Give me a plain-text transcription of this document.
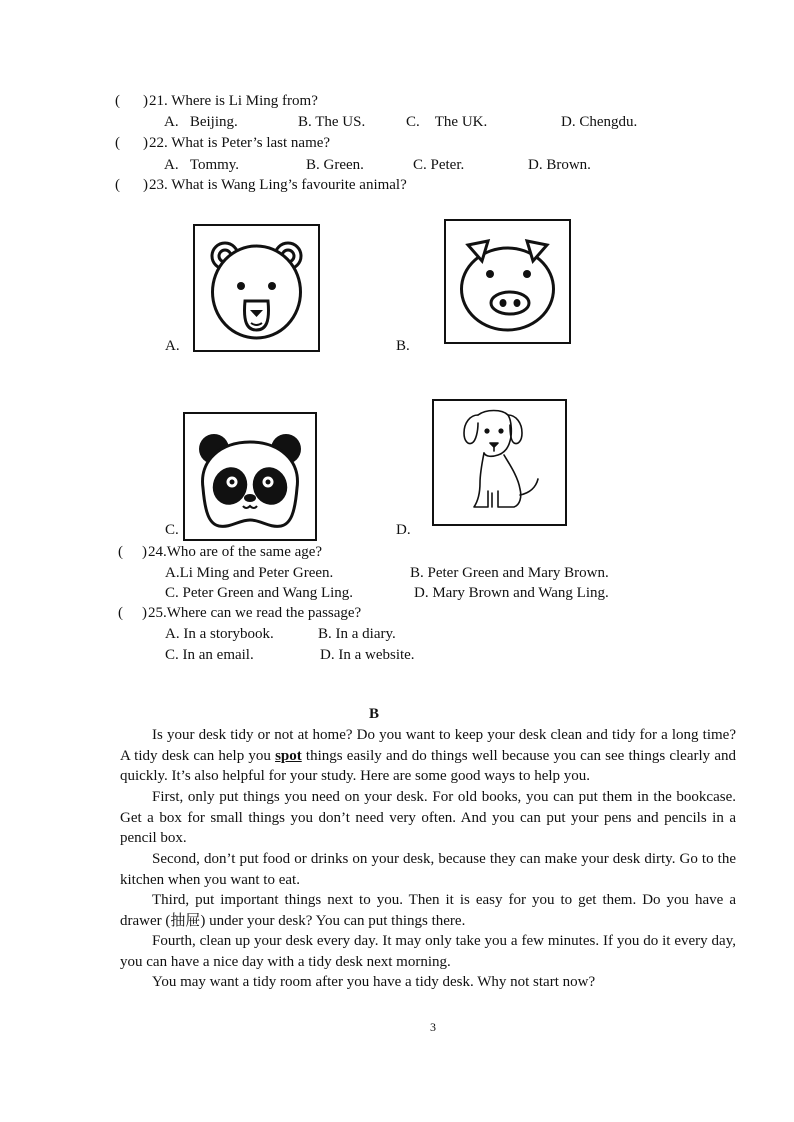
( ) 21. Where is Li Ming from?
A.   Beijing.	B. The US.	C.    The UK.	D. Chengdu.
( ) 22. What is Peter’s last name?
A.   Tommy.	B. Green.	C. Peter.	D. Brown.
( ) 23. What is Wang Ling’s favourite animal?
A.	B.
C.	D.
( ) 24.Who are of the same age?
A.Li Ming and Peter Green.	B. Peter Green and Mary Brown.
C. Peter Green and Wang Ling.	D. Mary Brown and Wang Ling.
( ) 25.Where can we read the passage?
A. In a storybook.	B. In a diary.
C. In an email.	D. In a website.
B
Is your desk tidy or not at home? Do you want to keep your desk clean and tidy for a long time? A tidy desk can help you spot things easily and do things well because you can see things clearly and quickly. It’s also helpful for your study. Here are some good ways to help you.
First, only put things you need on your desk. For old books, you can put them in the bookcase. Get a box for small things you don’t need very often. And you can put your pens and pencils in a pencil box.
Second, don’t put food or drinks on your desk, because they can make your desk dirty. Go to the kitchen when you want to eat.
Third, put important things next to you. Then it is easy for you to get them. Do you have a drawer (抽屉) under your desk? You can put things there.
Fourth, clean up your desk every day. It may only take you a few minutes. If you do it every day, you can have a nice day with a tidy desk next morning.
You may want a tidy room after you have a tidy desk. Why not start now?
3
